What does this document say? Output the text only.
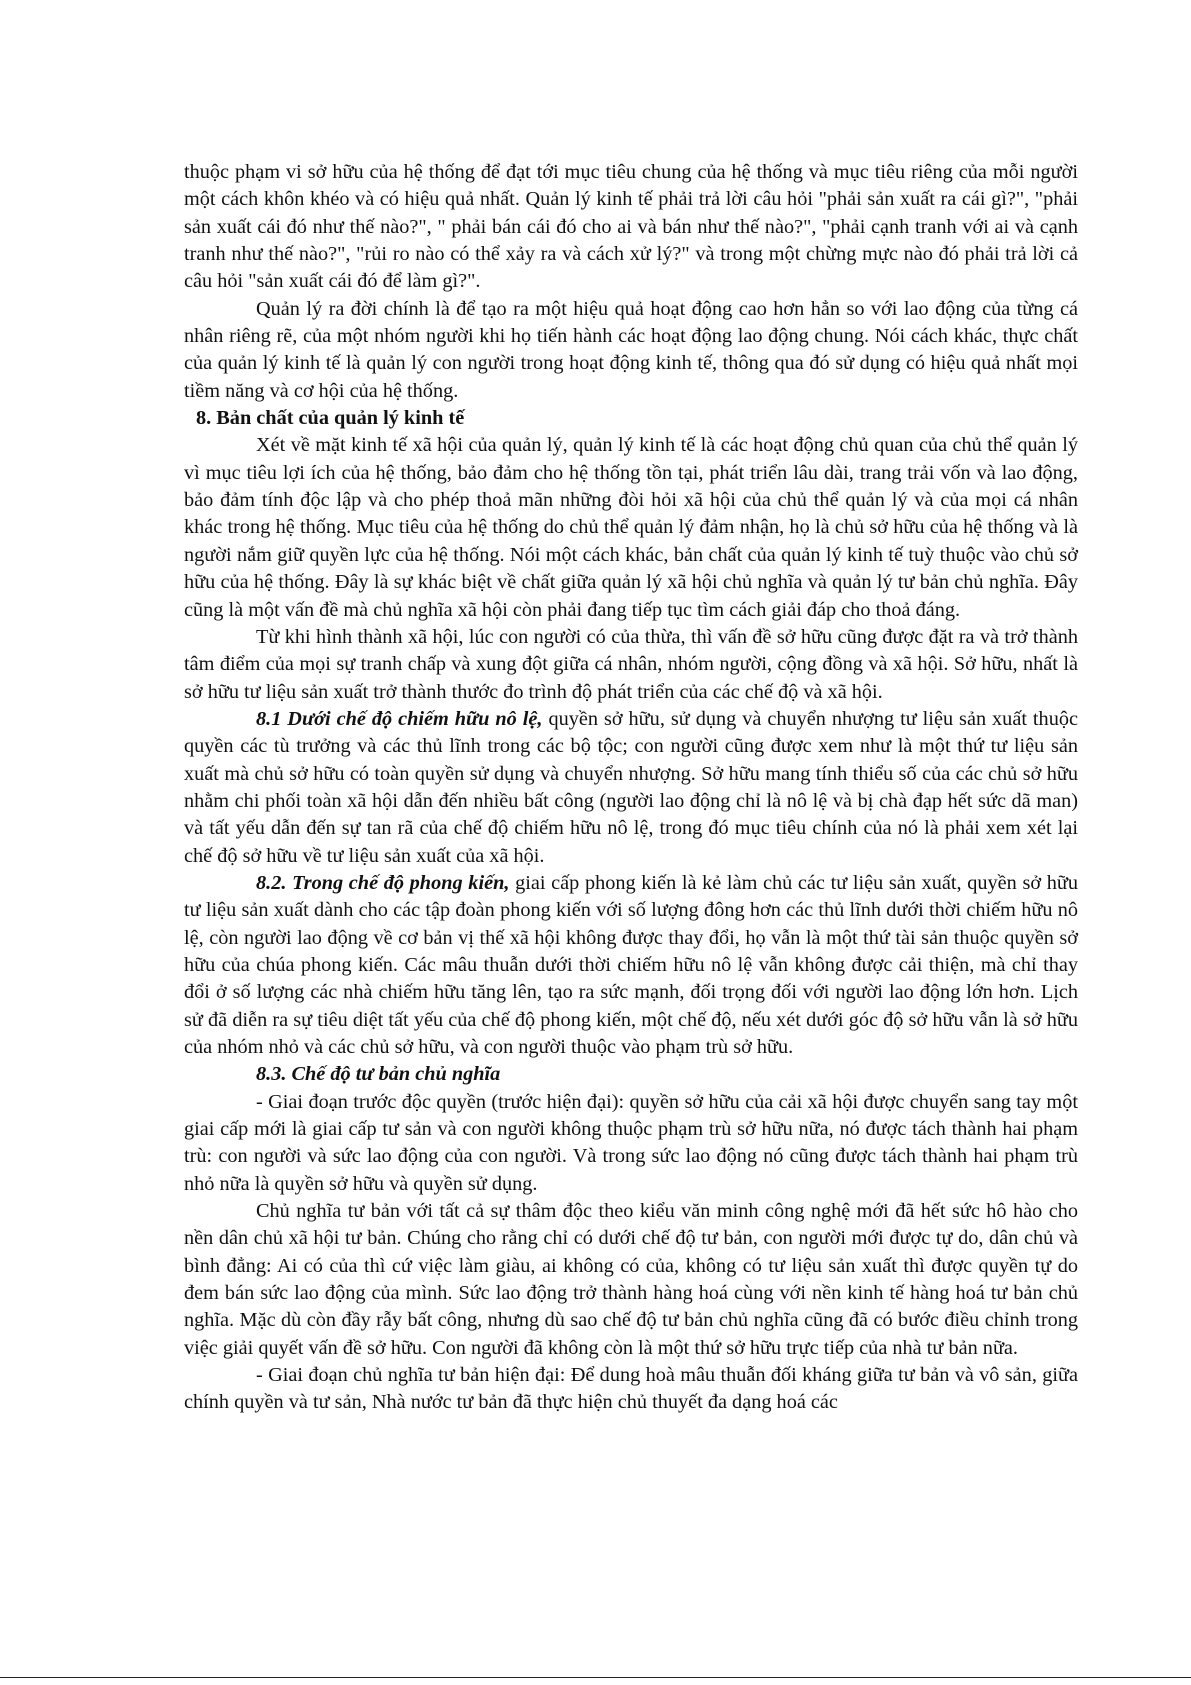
thuộc phạm vi sở hữu của hệ thống để đạt tới mục tiêu chung của hệ thống và mục tiêu riêng của mỗi người một cách khôn khéo và có hiệu quả nhất. Quản lý kinh tế phải trả lời câu hỏi "phải sản xuất ra cái gì?", "phải sản xuất cái đó như thế nào?", " phải bán cái đó cho ai và bán như thế nào?", "phải cạnh tranh với ai và cạnh tranh như thế nào?", "rủi ro nào có thể xảy ra và cách xử lý?" và trong một chừng mực nào đó phải trả lời cả câu hỏi "sản xuất cái đó để làm gì?".

Quản lý ra đời chính là để tạo ra một hiệu quả hoạt động cao hơn hẳn so với lao động của từng cá nhân riêng rẽ, của một nhóm người khi họ tiến hành các hoạt động lao động chung. Nói cách khác, thực chất của quản lý kinh tế là quản lý con người trong hoạt động kinh tế, thông qua đó sử dụng có hiệu quả nhất mọi tiềm năng và cơ hội của hệ thống.

8. Bản chất của quản lý kinh tế

Xét về mặt kinh tế xã hội của quản lý, quản lý kinh tế là các hoạt động chủ quan của chủ thể quản lý vì mục tiêu lợi ích của hệ thống, bảo đảm cho hệ thống tồn tại, phát triển lâu dài, trang trải vốn và lao động, bảo đảm tính độc lập và cho phép thoả mãn những đòi hỏi xã hội của chủ thể quản lý và của mọi cá nhân khác trong hệ thống. Mục tiêu của hệ thống do chủ thể quản lý đảm nhận, họ là chủ sở hữu của hệ thống và là người nắm giữ quyền lực của hệ thống. Nói một cách khác, bản chất của quản lý kinh tế tuỳ thuộc vào chủ sở hữu của hệ thống. Đây là sự khác biệt về chất giữa quản lý xã hội chủ nghĩa và quản lý tư bản chủ nghĩa. Đây cũng là một vấn đề mà chủ nghĩa xã hội còn phải đang tiếp tục tìm cách giải đáp cho thoả đáng.

Từ khi hình thành xã hội, lúc con người có của thừa, thì vấn đề sở hữu cũng được đặt ra và trở thành tâm điểm của mọi sự tranh chấp và xung đột giữa cá nhân, nhóm người, cộng đồng và xã hội. Sở hữu, nhất là sở hữu tư liệu sản xuất trở thành thước đo trình độ phát triển của các chế độ và xã hội.

8.1 Dưới chế độ chiếm hữu nô lệ, quyền sở hữu, sử dụng và chuyển nhượng tư liệu sản xuất thuộc quyền các tù trưởng và các thủ lĩnh trong các bộ tộc; con người cũng được xem như là một thứ tư liệu sản xuất mà chủ sở hữu có toàn quyền sử dụng và chuyển nhượng. Sở hữu mang tính thiểu số của các chủ sở hữu nhằm chi phối toàn xã hội dẫn đến nhiều bất công (người lao động chỉ là nô lệ và bị chà đạp hết sức dã man) và tất yếu dẫn đến sự tan rã của chế độ chiếm hữu nô lệ, trong đó mục tiêu chính của nó là phải xem xét lại chế độ sở hữu về tư liệu sản xuất của xã hội.

8.2. Trong chế độ phong kiến, giai cấp phong kiến là kẻ làm chủ các tư liệu sản xuất, quyền sở hữu tư liệu sản xuất dành cho các tập đoàn phong kiến với số lượng đông hơn các thủ lĩnh dưới thời chiếm hữu nô lệ, còn người lao động về cơ bản vị thế xã hội không được thay đổi, họ vẫn là một thứ tài sản thuộc quyền sở hữu của chúa phong kiến. Các mâu thuẫn dưới thời chiếm hữu nô lệ vẫn không được cải thiện, mà chỉ thay đổi ở số lượng các nhà chiếm hữu tăng lên, tạo ra sức mạnh, đối trọng đối với người lao động lớn hơn. Lịch sử đã diễn ra sự tiêu diệt tất yếu của chế độ phong kiến, một chế độ, nếu xét dưới góc độ sở hữu vẫn là sở hữu của nhóm nhỏ và các chủ sở hữu, và con người thuộc vào phạm trù sở hữu.

8.3. Chế độ tư bản chủ nghĩa

- Giai đoạn trước độc quyền (trước hiện đại): quyền sở hữu của cải xã hội được chuyển sang tay một giai cấp mới là giai cấp tư sản và con người không thuộc phạm trù sở hữu nữa, nó được tách thành hai phạm trù: con người và sức lao động của con người. Và trong sức lao động nó cũng được tách thành hai phạm trù nhỏ nữa là quyền sở hữu và quyền sử dụng.

Chủ nghĩa tư bản với tất cả sự thâm độc theo kiểu văn minh công nghệ mới đã hết sức hô hào cho nền dân chủ xã hội tư bản. Chúng cho rằng chỉ có dưới chế độ tư bản, con người mới được tự do, dân chủ và bình đẳng: Ai có của thì cứ việc làm giàu, ai không có của, không có tư liệu sản xuất thì được quyền tự do đem bán sức lao động của mình. Sức lao động trở thành hàng hoá cùng với nền kinh tế hàng hoá tư bản chủ nghĩa. Mặc dù còn đầy rẫy bất công, nhưng dù sao chế độ tư bản chủ nghĩa cũng đã có bước điều chỉnh trong việc giải quyết vấn đề sở hữu. Con người đã không còn là một thứ sở hữu trực tiếp của nhà tư bản nữa.

- Giai đoạn chủ nghĩa tư bản hiện đại: Để dung hoà mâu thuẫn đối kháng giữa tư bản và vô sản, giữa chính quyền và tư sản, Nhà nước tư bản đã thực hiện chủ thuyết đa dạng hoá các
